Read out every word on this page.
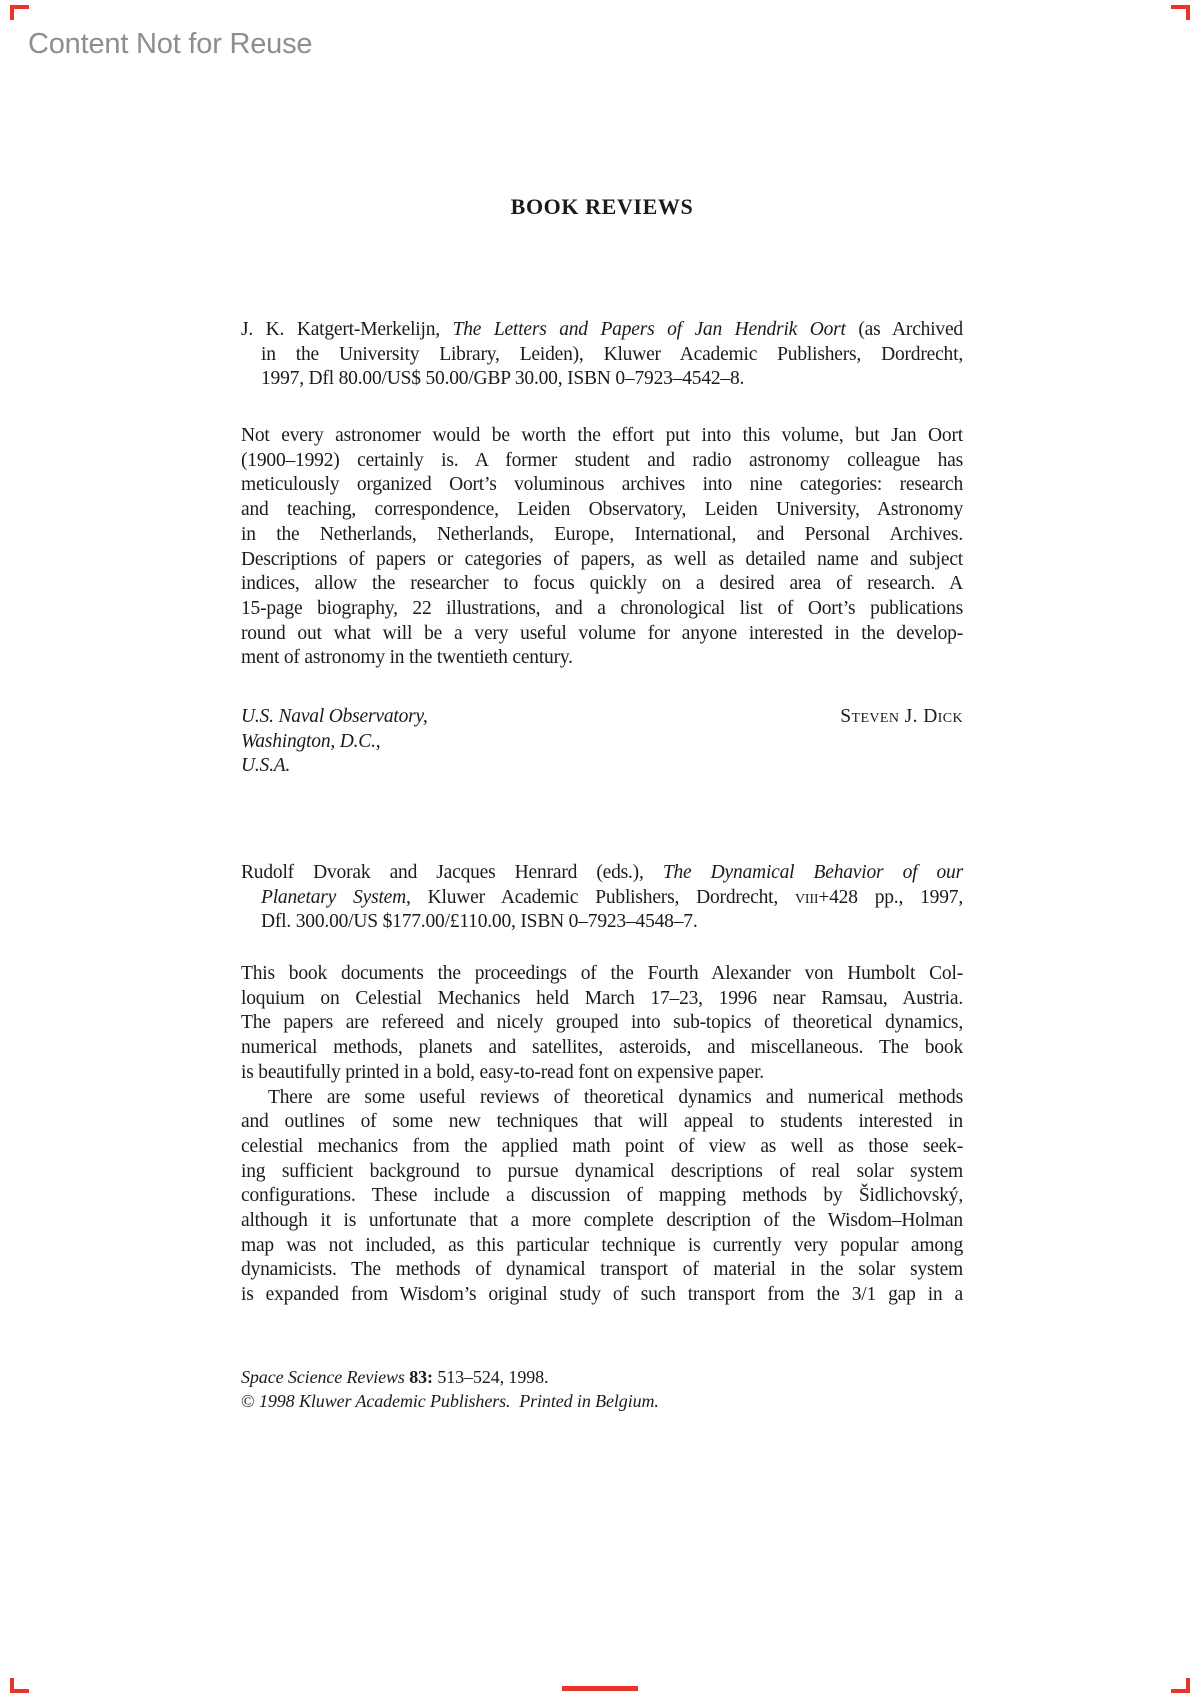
Content Not for Reuse
BOOK REVIEWS
J. K. Katgert-Merkelijn, The Letters and Papers of Jan Hendrik Oort (as Archived
in the University Library, Leiden), Kluwer Academic Publishers, Dordrecht,
1997, Dfl 80.00/US$ 50.00/GBP 30.00, ISBN 0–7923–4542–8.
Not every astronomer would be worth the effort put into this volume, but Jan Oort
(1900–1992) certainly is. A former student and radio astronomy colleague has
meticulously organized Oort’s voluminous archives into nine categories: research
and teaching, correspondence, Leiden Observatory, Leiden University, Astronomy
in the Netherlands, Netherlands, Europe, International, and Personal Archives.
Descriptions of papers or categories of papers, as well as detailed name and subject
indices, allow the researcher to focus quickly on a desired area of research. A
15-page biography, 22 illustrations, and a chronological list of Oort’s publications
round out what will be a very useful volume for anyone interested in the develop-
ment of astronomy in the twentieth century.
U.S. Naval Observatory,
Washington, D.C.,
U.S.A.
Steven J. Dick
Rudolf Dvorak and Jacques Henrard (eds.), The Dynamical Behavior of our
Planetary System, Kluwer Academic Publishers, Dordrecht, viii+428 pp., 1997,
Dfl. 300.00/US $177.00/£110.00, ISBN 0–7923–4548–7.
This book documents the proceedings of the Fourth Alexander von Humbolt Col-
loquium on Celestial Mechanics held March 17–23, 1996 near Ramsau, Austria.
The papers are refereed and nicely grouped into sub-topics of theoretical dynamics,
numerical methods, planets and satellites, asteroids, and miscellaneous. The book
is beautifully printed in a bold, easy-to-read font on expensive paper.
There are some useful reviews of theoretical dynamics and numerical methods
and outlines of some new techniques that will appeal to students interested in
celestial mechanics from the applied math point of view as well as those seek-
ing sufficient background to pursue dynamical descriptions of real solar system
configurations. These include a discussion of mapping methods by Šidlichovský,
although it is unfortunate that a more complete description of the Wisdom–Holman
map was not included, as this particular technique is currently very popular among
dynamicists. The methods of dynamical transport of material in the solar system
is expanded from Wisdom’s original study of such transport from the 3/1 gap in a
Space Science Reviews 83: 513–524, 1998.
© 1998 Kluwer Academic Publishers.  Printed in Belgium.
